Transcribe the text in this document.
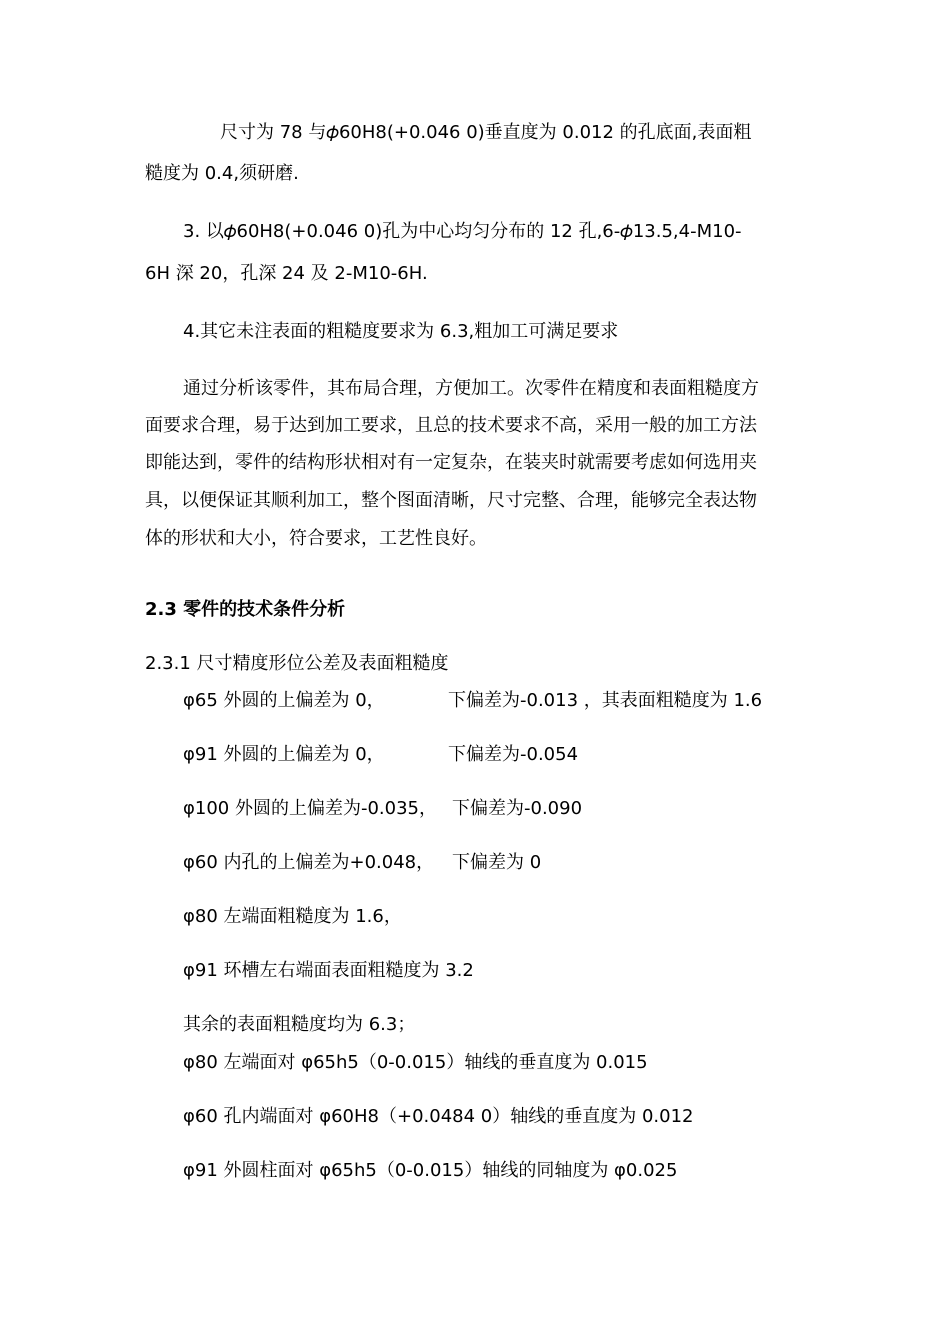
尺寸为 78 与𝜙60H8(+0.046 0)垂直度为 0.012 的孔底面,表面粗
糙度为 0.4,须研磨.
3. 以𝜙60H8(+0.046 0)孔为中心均匀分布的 12 孔,6-𝜙13.5,4-M10-
6H 深 20，孔深 24 及 2-M10-6H.
4.其它未注表面的粗糙度要求为 6.3,粗加工可满足要求
通过分析该零件，其布局合理，方便加工。次零件在精度和表面粗糙度方
面要求合理，易于达到加工要求，且总的技术要求不高，采用一般的加工方法
即能达到，零件的结构形状相对有一定复杂，在装夹时就需要考虑如何选用夹
具，以便保证其顺利加工，整个图面清晰，尺寸完整、合理，能够完全表达物
体的形状和大小，符合要求，工艺性良好。
2.3 零件的技术条件分析
2.3.1 尺寸精度形位公差及表面粗糙度
φ65 外圆的上偏差为 0，	下偏差为-0.013 ，其表面粗糙度为 1.6
φ91 外圆的上偏差为 0，	下偏差为-0.054
φ100 外圆的上偏差为-0.035， 下偏差为-0.090
φ60 内孔的上偏差为+0.048， 下偏差为 0
φ80 左端面粗糙度为 1.6，
φ91 环槽左右端面表面粗糙度为 3.2
其余的表面粗糙度均为 6.3；
φ80 左端面对 φ65h5（0-0.015）轴线的垂直度为 0.015
φ60 孔内端面对 φ60H8（+0.0484 0）轴线的垂直度为 0.012
φ91 外圆柱面对 φ65h5（0-0.015）轴线的同轴度为 φ0.025
